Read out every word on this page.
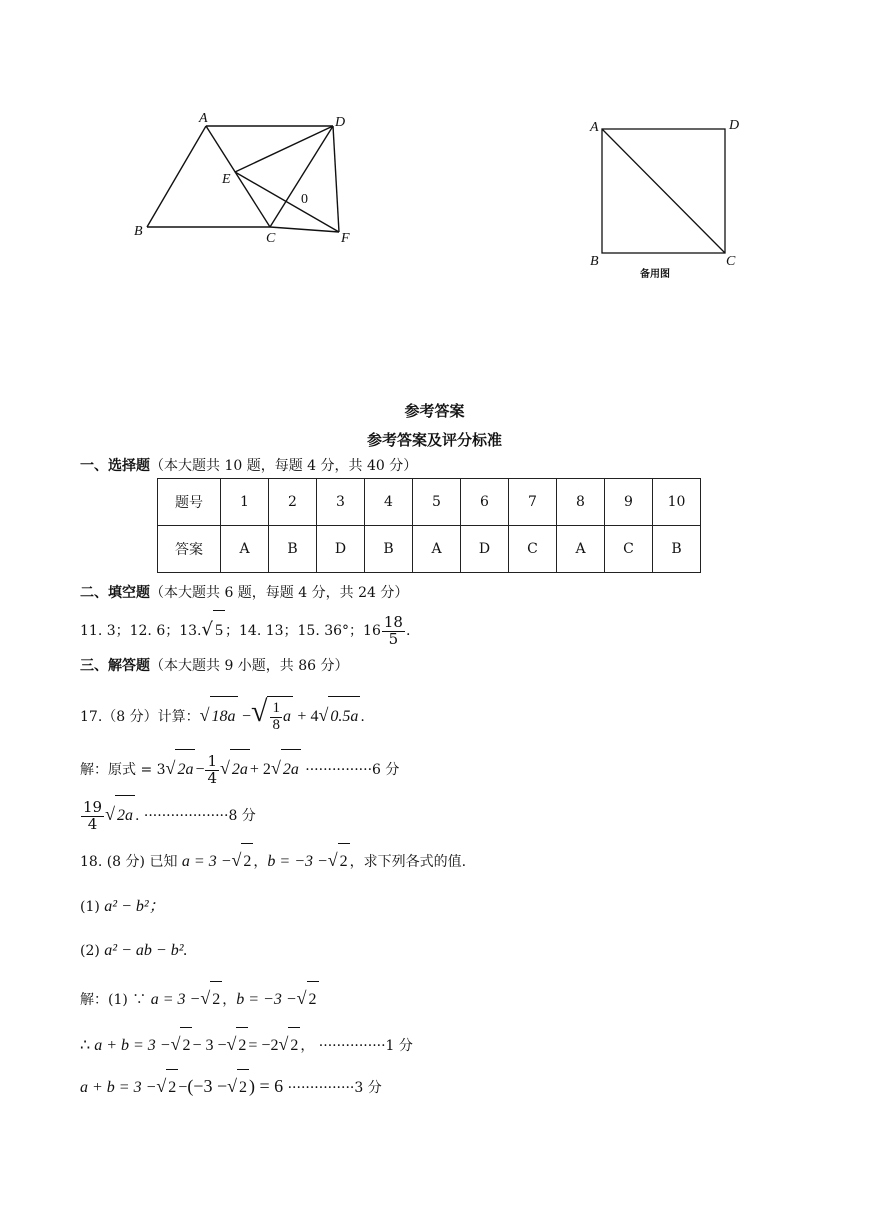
A	D
B	C	F
E
0
A	D
B	C
备用图
参考答案
参考答案及评分标准
一、选择题（本大题共 10 题，每题 4 分，共 40 分）
题号	1	2	3	4	5	6	7	8	9	10
答案	A	B	D	B	A	D	C	A	C	B
二、填空题（本大题共 6 题，每题 4 分，共 24 分）
11. 3；12. 6；13.√ 5 ；14. 13；15. 36°；$16 \frac{18}{5}$ .
三、解答题（本大题共 9 小题，共 86 分）
17.（8 分）计算：√ 18a −√ $\frac{1}{8}$ a + 4√ 0.5a .
解：原式 = 3√ $2a - \frac{1}{4}$ √ 2a + 2√ 2a ···············6 分
$\frac{19}{4}$ √ 2a . ···················8 分
18. (8 分) 已知 a = 3 −√ 2 ，b = −3 −√ 2 ，求下列各式的值.
(1) a² − b²；
(2) a² − ab − b².
解：(1) ∵ a = 3 −√ 2 ，b = −3 −√ 2
∴ a + b = 3 −√ 2 − 3 −√ 2 = −2√ 2 ， ···············1 分
a + b = 3 −√ 2 −(−3 −√ 2 ) = 6 ···············3 分
